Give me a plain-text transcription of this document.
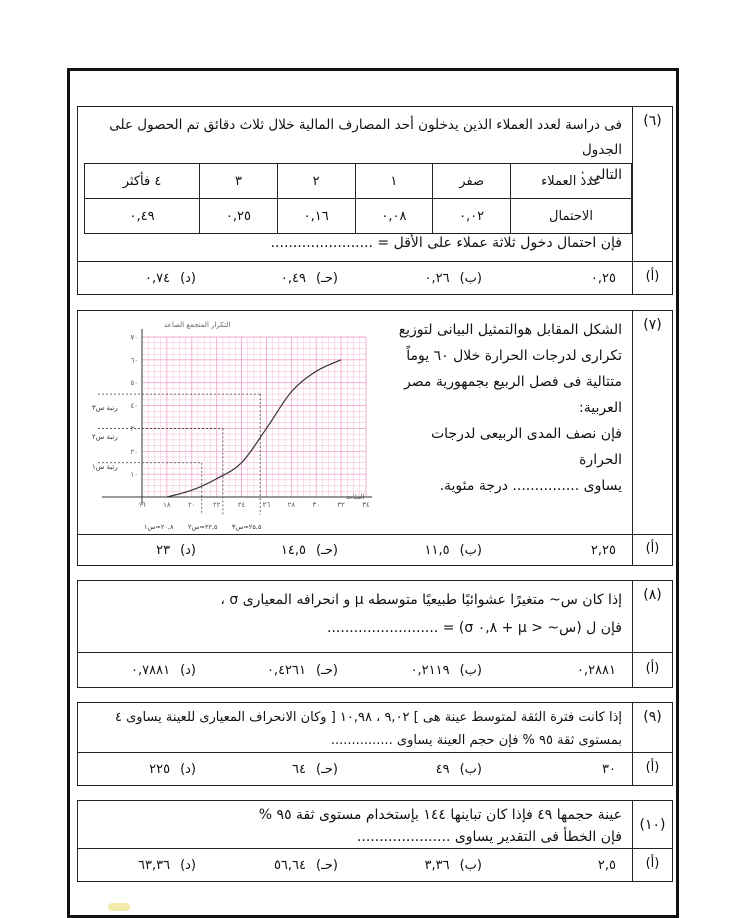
(٦)
فى دراسة لعدد العملاء الذين يدخلون أحد المصارف المالية خلال ثلاث دقائق تم الحصول على الجدول
التالى :
عدد العملاء	صفر	١	٢	٣	٤ فأكثر
الاحتمال	٠,٠٢	٠,٠٨	٠,١٦	٠,٢٥	٠,٤٩
فإن احتمال دخول ثلاثة عملاء على الأقل = .......................
(أ)
٠,٢٥
(ب)
٠,٢٦
(حـ)
٠,٤٩
(د)
٠,٧٤
(٧)
الشكل المقابل هوالتمثيل البيانى لتوزيع
تكرارى لدرجات الحرارة خلال ٦٠ يوماً
متتالية فى فصل الربيع بجمهورية مصر العربية:
فإن نصف المدى الربيعى لدرجات الحرارة
يساوى ............... درجة مئوية.
التكرار المتجمع الصاعد
الفئات
١٦ ١٨ ٢٠ ٢٢ ٢٤ ٢٦ ٢٨ ٣٠ ٣٢ ٣٤
١٠
٢٠
٣٠
٤٠
٥٠
٦٠
٧٠
رتبة س٣
رتبة س٢
رتبة س١
٢٥,٥=س٣
٢٢,٥=س٢
٢٠,٨=س١
(أ)
٢,٢٥
(ب)
١١,٥
(حـ)
١٤,٥
(د)
٢٣
(٨)
إذا كان س~ متغيرًا عشوائيًا طبيعيًا متوسطه μ و انحرافه المعيارى σ ،
فإن ل (س~ < μ + ٠,٨ σ) = .........................
(أ)
٠,٢٨٨١
(ب)
٠,٢١١٩
(حـ)
٠,٤٢٦١
(د)
٠,٧٨٨١
(٩)
إذا كانت فترة الثقة لمتوسط عينة هى ] ٩,٠٢ ، ١٠,٩٨ [ وكان الانحراف المعيارى للعينة يساوى ٤
بمستوى ثقة ٩٥ % فإن حجم العينة يساوى ...............
(أ)
٣٠
(ب)
٤٩
(حـ)
٦٤
(د)
٢٢٥
(١٠)
عينة حجمها ٤٩ فإذا كان تباينها ١٤٤ بإستخدام مستوى ثقة ٩٥ %
فإن الخطأ فى التقدير يساوى .....................
(أ)
٢,٥
(ب)
٣,٣٦
(حـ)
٥٦,٦٤
(د)
٦٣,٣٦
